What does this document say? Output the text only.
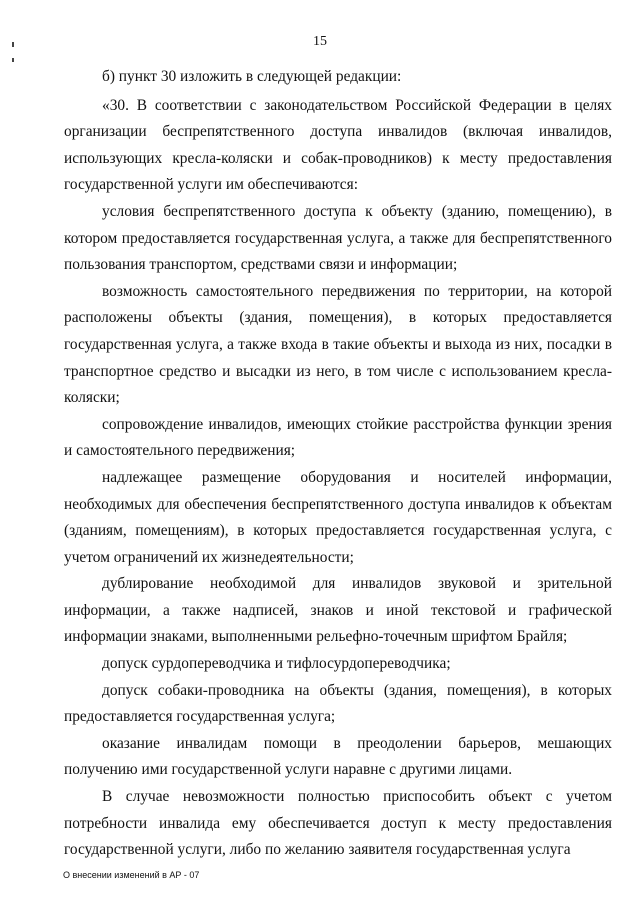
15

б) пункт 30 изложить в следующей редакции:

«30. В соответствии с законодательством Российской Федерации в целях организации беспрепятственного доступа инвалидов (включая инвалидов, использующих кресла-коляски и собак-проводников) к месту предоставления государственной услуги им обеспечиваются:

условия беспрепятственного доступа к объекту (зданию, помещению), в котором предоставляется государственная услуга, а также для беспрепятственного пользования транспортом, средствами связи и информации;

возможность самостоятельного передвижения по территории, на которой расположены объекты (здания, помещения), в которых предоставляется государственная услуга, а также входа в такие объекты и выхода из них, посадки в транспортное средство и высадки из него, в том числе с использованием кресла-коляски;

сопровождение инвалидов, имеющих стойкие расстройства функции зрения и самостоятельного передвижения;

надлежащее размещение оборудования и носителей информации, необходимых для обеспечения беспрепятственного доступа инвалидов к объектам (зданиям, помещениям), в которых предоставляется государственная услуга, с учетом ограничений их жизнедеятельности;

дублирование необходимой для инвалидов звуковой и зрительной информации, а также надписей, знаков и иной текстовой и графической информации знаками, выполненными рельефно-точечным шрифтом Брайля;

допуск сурдопереводчика и тифлосурдопереводчика;

допуск собаки-проводника на объекты (здания, помещения), в которых предоставляется государственная услуга;

оказание инвалидам помощи в преодолении барьеров, мешающих получению ими государственной услуги наравне с другими лицами.

В случае невозможности полностью приспособить объект с учетом потребности инвалида ему обеспечивается доступ к месту предоставления государственной услуги, либо по желанию заявителя государственная услуга

О внесении изменений в АР - 07
